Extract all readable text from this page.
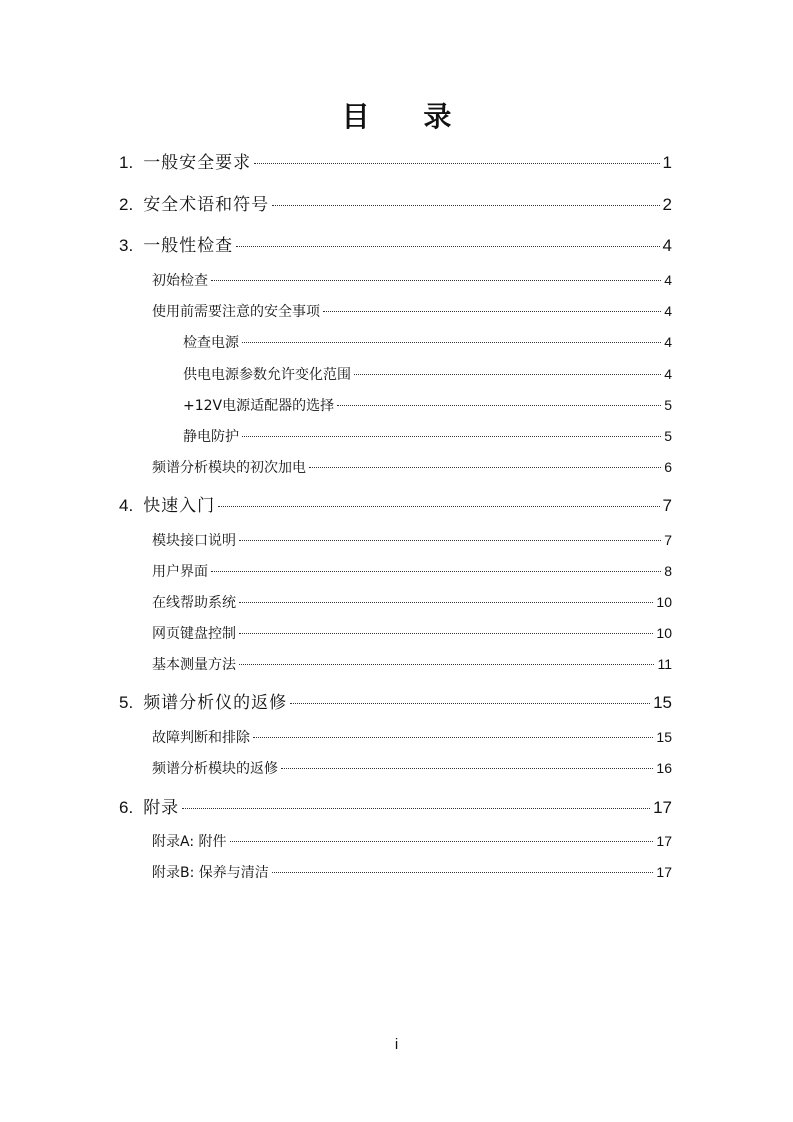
目 录
1. 一般安全要求	1
2. 安全术语和符号	2
3. 一般性检查	4
初始检查	4
使用前需要注意的安全事项	4
检查电源	4
供电电源参数允许变化范围	4
+12V电源适配器的选择	5
静电防护	5
频谱分析模块的初次加电	6
4. 快速入门	7
模块接口说明	7
用户界面	8
在线帮助系统	10
网页键盘控制	10
基本测量方法	11
5. 频谱分析仪的返修	15
故障判断和排除	15
频谱分析模块的返修	16
6. 附录	17
附录A: 附件	17
附录B: 保养与清洁	17
i
